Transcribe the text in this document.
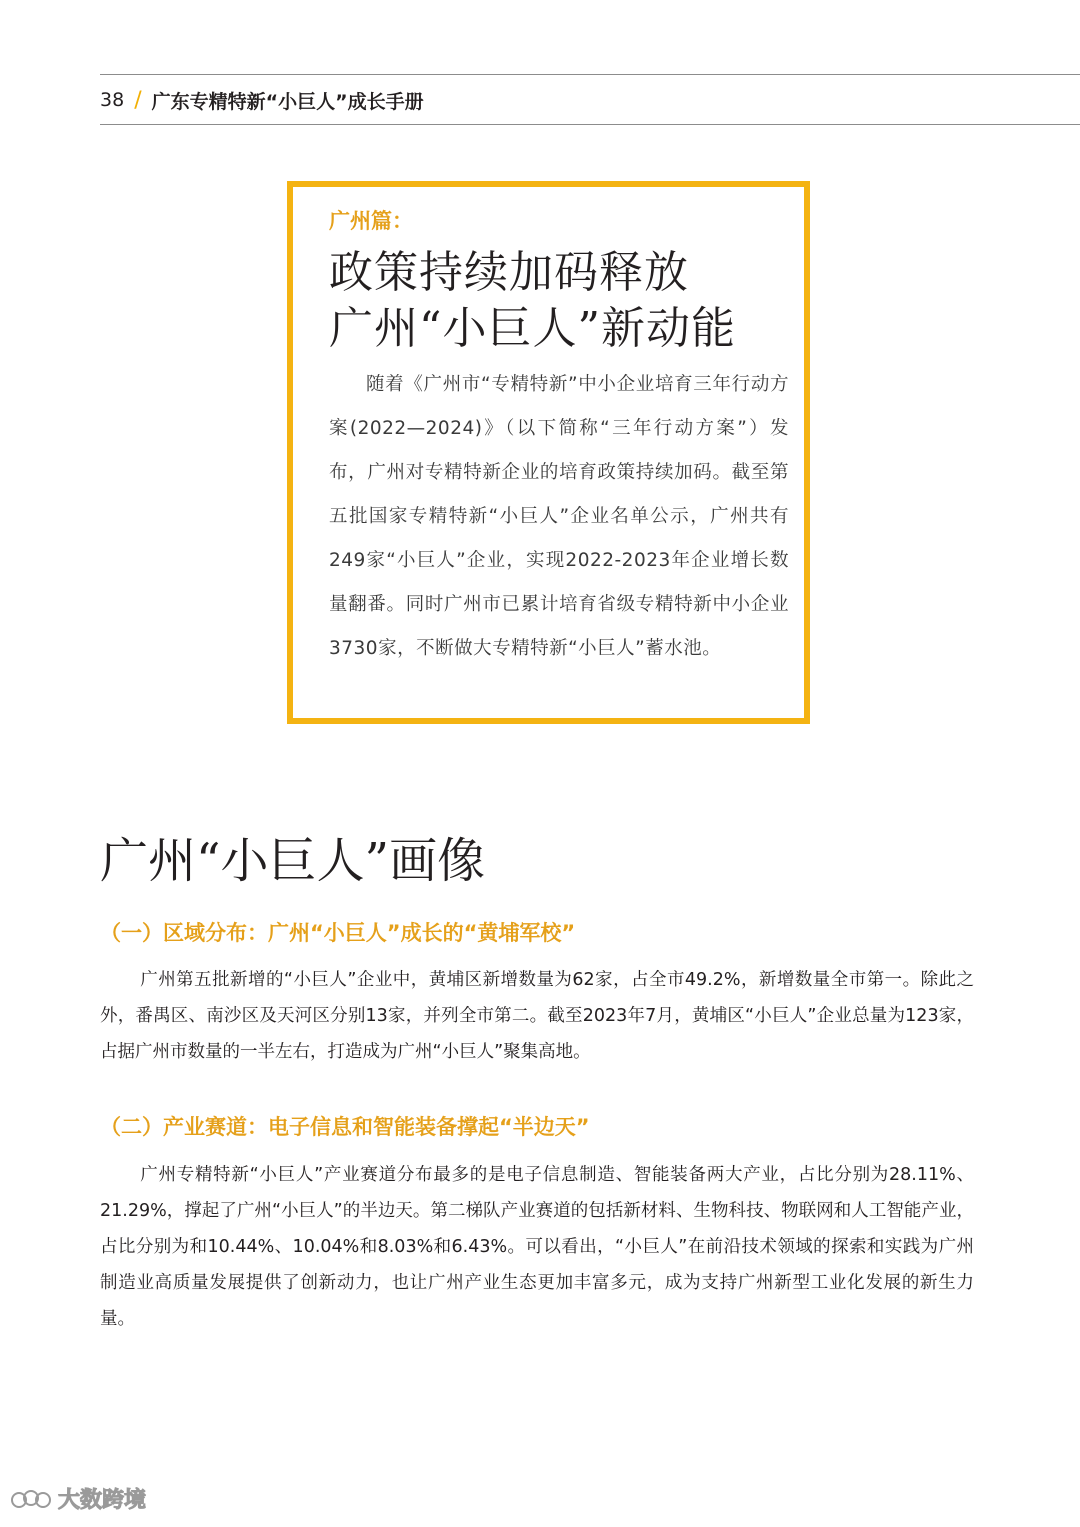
38 / 广东专精特新“小巨人”成长手册
广州篇：
政策持续加码释放
广州“小巨人”新动能
随着《广州市“专精特新”中小企业培育三年行动方案(2022—2024)》（以下简称“三年行动方案”）发布，广州对专精特新企业的培育政策持续加码。截至第五批国家专精特新“小巨人”企业名单公示，广州共有249家“小巨人”企业，实现2022-2023年企业增长数量翻番。同时广州市已累计培育省级专精特新中小企业3730家，不断做大专精特新“小巨人”蓄水池。
广州“小巨人”画像
（一）区域分布：广州“小巨人”成长的“黄埔军校”
广州第五批新增的“小巨人”企业中，黄埔区新增数量为62家，占全市49.2%，新增数量全市第一。除此之外，番禺区、南沙区及天河区分别13家，并列全市第二。截至2023年7月，黄埔区“小巨人”企业总量为123家，占据广州市数量的一半左右，打造成为广州“小巨人”聚集高地。
（二）产业赛道：电子信息和智能装备撑起“半边天”
广州专精特新“小巨人”产业赛道分布最多的是电子信息制造、智能装备两大产业，占比分别为28.11%、21.29%，撑起了广州“小巨人”的半边天。第二梯队产业赛道的包括新材料、生物科技、物联网和人工智能产业，占比分别为和10.44%、10.04%和8.03%和6.43%。可以看出，“小巨人”在前沿技术领域的探索和实践为广州制造业高质量发展提供了创新动力，也让广州产业生态更加丰富多元，成为支持广州新型工业化发展的新生力量。
大数跨境
